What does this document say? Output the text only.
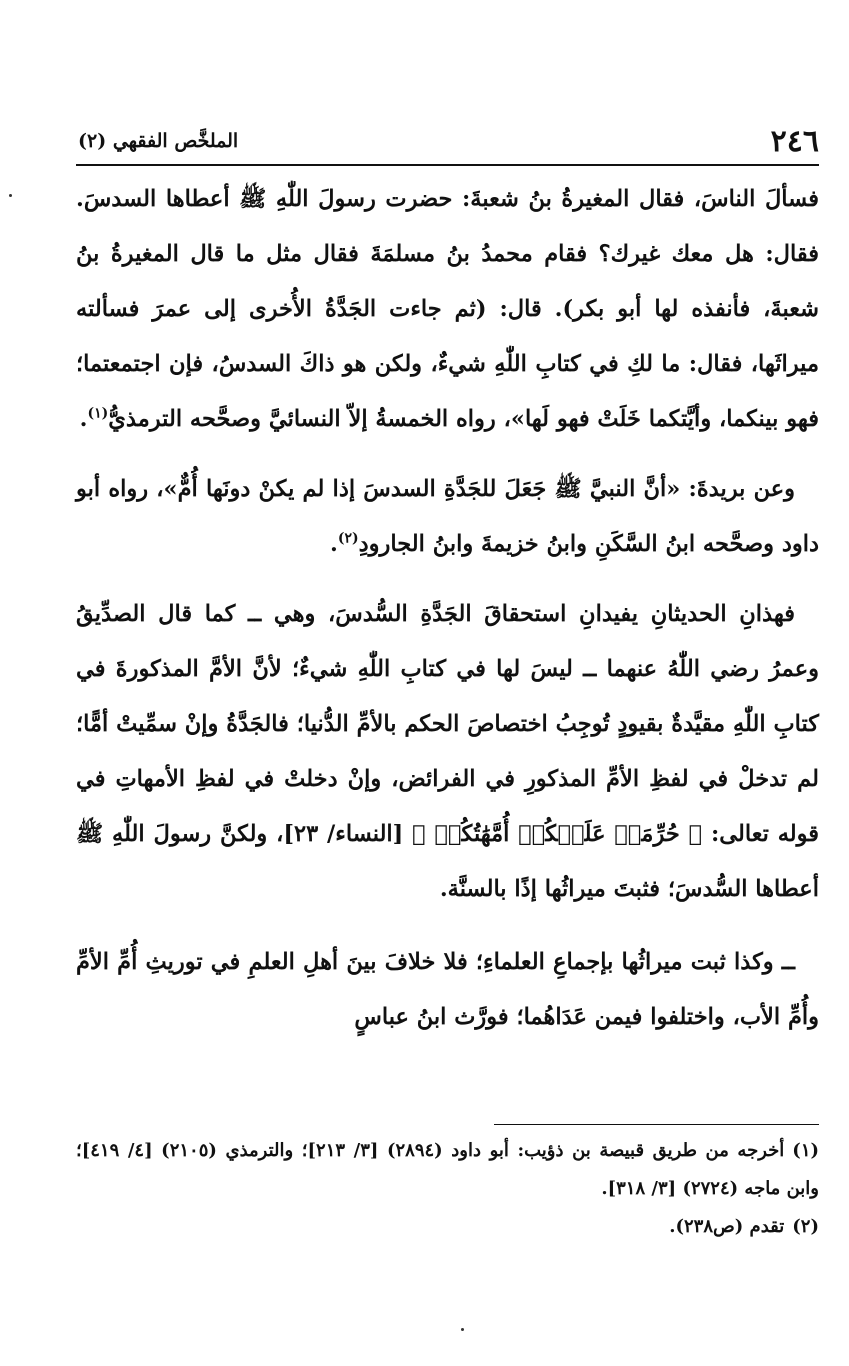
٢٤٦
الملخَّص الفقهي (٢)

فسألَ الناسَ، فقال المغيرةُ بنُ شعبةَ: حضرت رسولَ اللّٰهِ ﷺ أعطاها السدسَ. فقال: هل معك غيرك؟ فقام محمدُ بنُ مسلمَةَ فقال مثل ما قال المغيرةُ بنُ شعبةَ، فأنفذه لها أبو بكر). قال: (ثم جاءت الجَدَّةُ الأُخرى إلى عمرَ فسألته ميراثَها، فقال: ما لكِ في كتابِ اللّٰهِ شيءٌ، ولكن هو ذاكَ السدسُ، فإن اجتمعتما؛ فهو بينكما، وأيَّتكما خَلَتْ فهو لَها»، رواه الخمسةُ إلاّ النسائيَّ وصحَّحه الترمذيُّ$^{(١)}$.

وعن بريدةَ: «أنَّ النبيَّ ﷺ جَعَلَ للجَدَّةِ السدسَ إذا لم يكنْ دونَها أُمٌّ»، رواه أبو داود وصحَّحه ابنُ السَّكَنِ وابنُ خزيمةَ وابنُ الجارودِ$^{(٢)}$.

فهذانِ الحديثانِ يفيدانِ استحقاقَ الجَدَّةِ السُّدسَ، وهي ــ كما قال الصدِّيقُ وعمرُ رضي اللّٰهُ عنهما ــ ليسَ لها في كتابِ اللّٰهِ شيءٌ؛ لأنَّ الأمَّ المذكورةَ في كتابِ اللّٰهِ مقيَّدةٌ بقيودٍ تُوجِبُ اختصاصَ الحكم بالأمِّ الدُّنيا؛ فالجَدَّةُ وإنْ سمِّيتْ أمًّا؛ لم تدخلْ في لفظِ الأمِّ المذكورِ في الفرائض، وإنْ دخلتْ في لفظِ الأمهاتِ في قوله تعالى: ﴿ حُرِّمَتۡ عَلَيۡكُمۡ أُمَّهَٰتُكُمۡ ﴾ [النساء/ ٢٣]، ولكنَّ رسولَ اللّٰهِ ﷺ أعطاها السُّدسَ؛ فثبتَ ميراثُها إذًا بالسنَّة.

ــ وكذا ثبت ميراثُها بإجماعِ العلماءِ؛ فلا خلافَ بينَ أهلِ العلمِ في توريثِ أُمِّ الأمِّ وأُمِّ الأب، واختلفوا فيمن عَدَاهُما؛ فورَّث ابنُ عباسٍ

(١)أخرجه من طريق قبيصة بن ذؤيب: أبو داود (٢٨٩٤) [٣/ ٢١٣]؛ والترمذي (٢١٠٥) [٤/ ٤١٩]؛ وابن ماجه (٢٧٢٤) [٣/ ٣١٨].

(٢)تقدم (ص٢٣٨).
